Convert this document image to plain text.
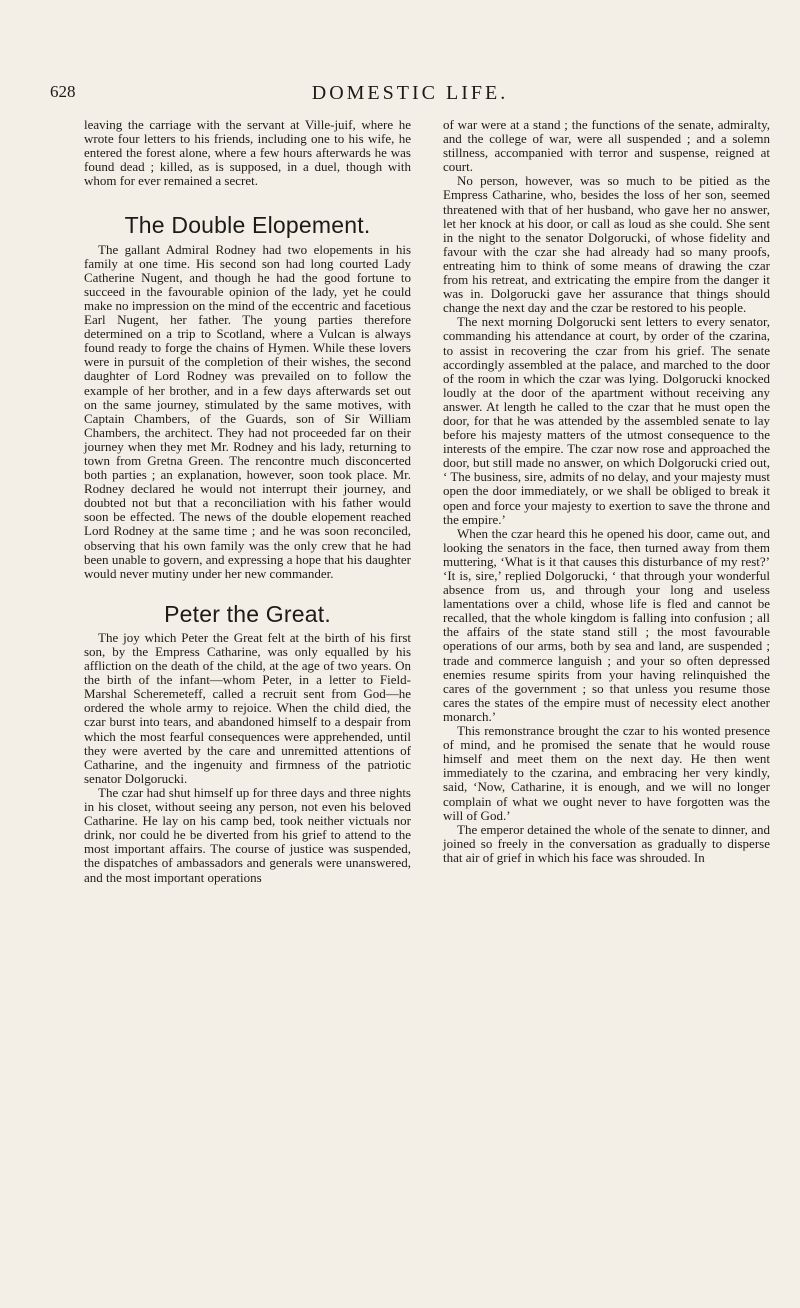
628	DOMESTIC LIFE.

leaving the carriage with the servant at Ville-juif, where he wrote four letters to his friends, including one to his wife, he entered the forest alone, where a few hours afterwards he was found dead ; killed, as is supposed, in a duel, though with whom for ever remained a secret.

The Double Elopement.

The gallant Admiral Rodney had two elopements in his family at one time. His second son had long courted Lady Catherine Nugent, and though he had the good fortune to succeed in the favourable opinion of the lady, yet he could make no impression on the mind of the eccentric and facetious Earl Nugent, her father. The young parties therefore determined on a trip to Scotland, where a Vulcan is always found ready to forge the chains of Hymen. While these lovers were in pursuit of the completion of their wishes, the second daughter of Lord Rodney was prevailed on to follow the example of her brother, and in a few days afterwards set out on the same journey, stimulated by the same motives, with Captain Chambers, of the Guards, son of Sir William Chambers, the architect. They had not proceeded far on their journey when they met Mr. Rodney and his lady, returning to town from Gretna Green. The rencontre much disconcerted both parties ; an explanation, however, soon took place. Mr. Rodney declared he would not interrupt their journey, and doubted not but that a reconciliation with his father would soon be effected. The news of the double elopement reached Lord Rodney at the same time ; and he was soon reconciled, observing that his own family was the only crew that he had been unable to govern, and expressing a hope that his daughter would never mutiny under her new commander.

Peter the Great.

The joy which Peter the Great felt at the birth of his first son, by the Empress Catharine, was only equalled by his affliction on the death of the child, at the age of two years. On the birth of the infant—whom Peter, in a letter to Field-Marshal Scheremeteff, called a recruit sent from God—he ordered the whole army to rejoice. When the child died, the czar burst into tears, and abandoned himself to a despair from which the most fearful consequences were apprehended, until they were averted by the care and unremitted attentions of Catharine, and the ingenuity and firmness of the patriotic senator Dolgorucki.

The czar had shut himself up for three days and three nights in his closet, without seeing any person, not even his beloved Catharine. He lay on his camp bed, took neither victuals nor drink, nor could he be diverted from his grief to attend to the most important affairs. The course of justice was suspended, the dispatches of ambassadors and generals were unanswered, and the most important operations

of war were at a stand ; the functions of the senate, admiralty, and the college of war, were all suspended ; and a solemn stillness, accompanied with terror and suspense, reigned at court.

No person, however, was so much to be pitied as the Empress Catharine, who, besides the loss of her son, seemed threatened with that of her husband, who gave her no answer, let her knock at his door, or call as loud as she could. She sent in the night to the senator Dolgorucki, of whose fidelity and favour with the czar she had already had so many proofs, entreating him to think of some means of drawing the czar from his retreat, and extricating the empire from the danger it was in. Dolgorucki gave her assurance that things should change the next day and the czar be restored to his people.

The next morning Dolgorucki sent letters to every senator, commanding his attendance at court, by order of the czarina, to assist in recovering the czar from his grief. The senate accordingly assembled at the palace, and marched to the door of the room in which the czar was lying. Dolgorucki knocked loudly at the door of the apartment without receiving any answer. At length he called to the czar that he must open the door, for that he was attended by the assembled senate to lay before his majesty matters of the utmost consequence to the interests of the empire. The czar now rose and approached the door, but still made no answer, on which Dolgorucki cried out, ‘ The business, sire, admits of no delay, and your majesty must open the door immediately, or we shall be obliged to break it open and force your majesty to exertion to save the throne and the empire.’

When the czar heard this he opened his door, came out, and looking the senators in the face, then turned away from them muttering, ‘What is it that causes this disturbance of my rest?’ ‘It is, sire,’ replied Dolgorucki, ‘ that through your wonderful absence from us, and through your long and useless lamentations over a child, whose life is fled and cannot be recalled, that the whole kingdom is falling into confusion ; all the affairs of the state stand still ; the most favourable operations of our arms, both by sea and land, are suspended ; trade and commerce languish ; and your so often depressed enemies resume spirits from your having relinquished the cares of the government ; so that unless you resume those cares the states of the empire must of necessity elect another monarch.’

This remonstrance brought the czar to his wonted presence of mind, and he promised the senate that he would rouse himself and meet them on the next day. He then went immediately to the czarina, and embracing her very kindly, said, ‘Now, Catharine, it is enough, and we will no longer complain of what we ought never to have forgotten was the will of God.’

The emperor detained the whole of the senate to dinner, and joined so freely in the conversation as gradually to disperse that air of grief in which his face was shrouded. In
